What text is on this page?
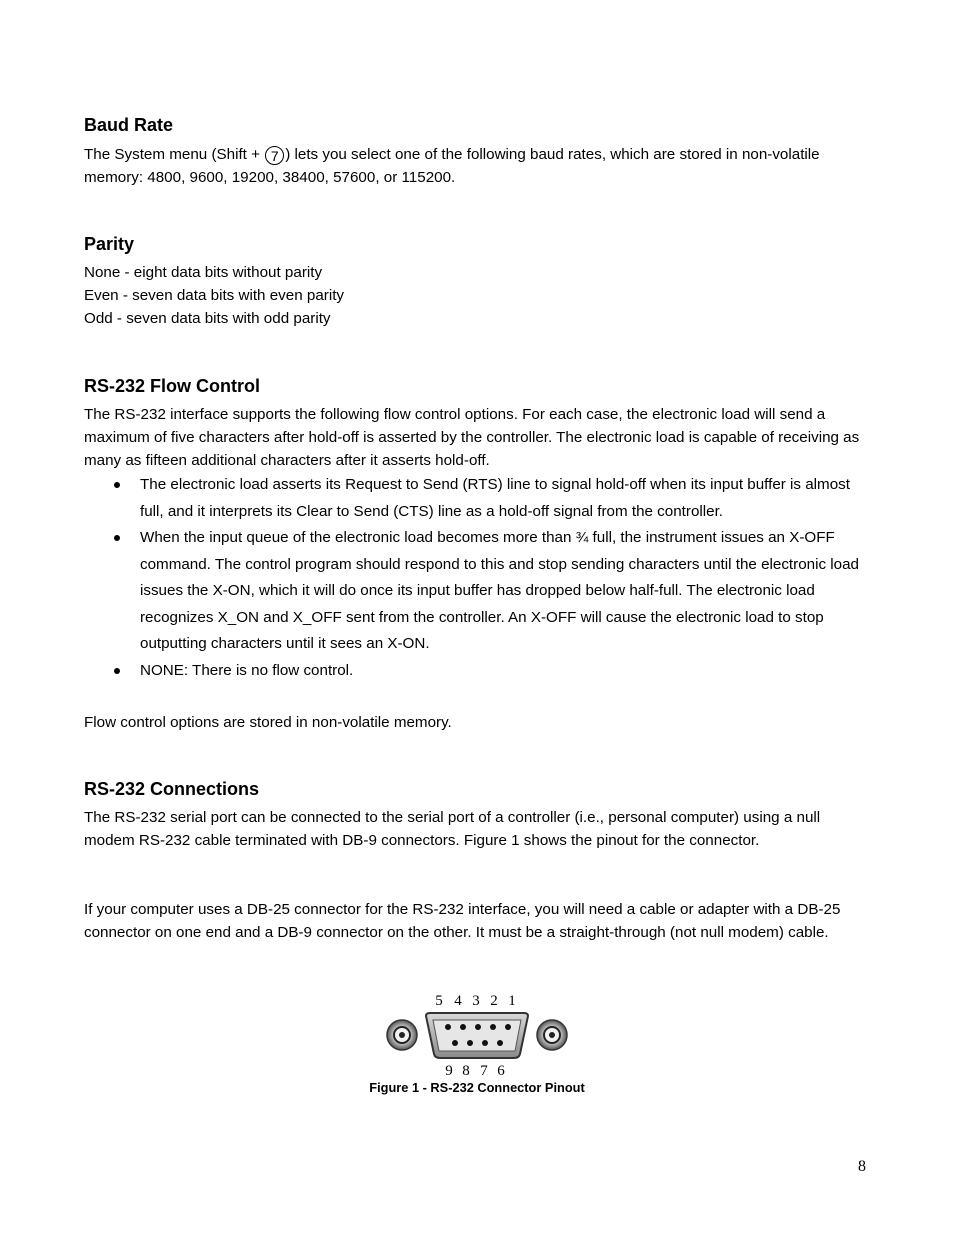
Baud Rate

The System menu (Shift + 7 ) lets you select one of the following baud rates, which are stored in non-volatile memory: 4800, 9600, 19200, 38400, 57600, or 115200.

Parity
None - eight data bits without parity
Even - seven data bits with even parity
Odd - seven data bits with odd parity
RS-232 Flow Control

The RS-232 interface supports the following flow control options. For each case, the electronic load will send a maximum of five characters after hold-off is asserted by the controller. The electronic load is capable of receiving as many as fifteen additional characters after it asserts hold-off.

The electronic load asserts its Request to Send (RTS) line to signal hold-off when its input buffer is almost full, and it interprets its Clear to Send (CTS) line as a hold-off signal from the controller.
When the input queue of the electronic load becomes more than ¾ full, the instrument issues an X-OFF command. The control program should respond to this and stop sending characters until the electronic load issues the X-ON, which it will do once its input buffer has dropped below half-full. The electronic load recognizes X_ON and X_OFF sent from the controller. An X-OFF will cause the electronic load to stop outputting characters until it sees an X-ON.
NONE: There is no flow control.

Flow control options are stored in non-volatile memory.

RS-232 Connections

The RS-232 serial port can be connected to the serial port of a controller (i.e., personal computer) using a null modem RS-232 cable terminated with DB-9 connectors. Figure 1 shows the pinout for the connector.

If your computer uses a DB-25 connector for the RS-232 interface, you will need a cable or adapter with a DB-25 connector on one end and a DB-9 connector on the other. It must be a straight-through (not null modem) cable.

5 4 3 2 1
9 8 7 6
Figure 1 - RS-232 Connector Pinout
8
